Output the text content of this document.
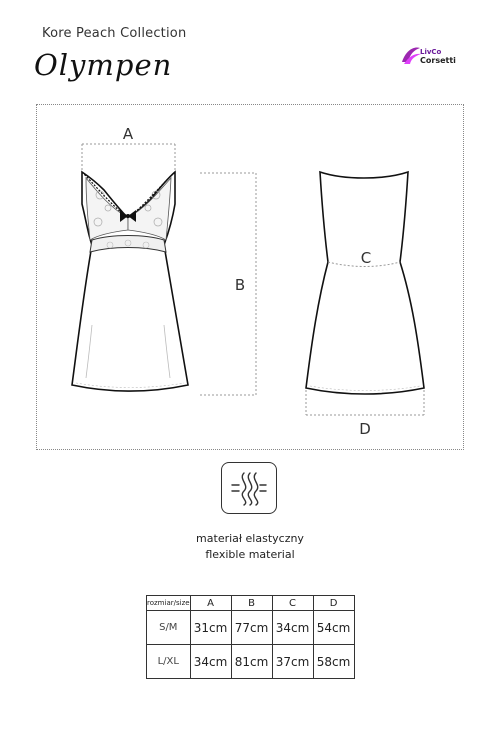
Kore Peach Collection
Olympen	LivCo
Corsetti
A
B
C
D
materiał elastyczny
flexible material
rozmiar/size	A	B	C	D
S/M	31cm	77cm	34cm	54cm
L/XL	34cm	81cm	37cm	58cm
